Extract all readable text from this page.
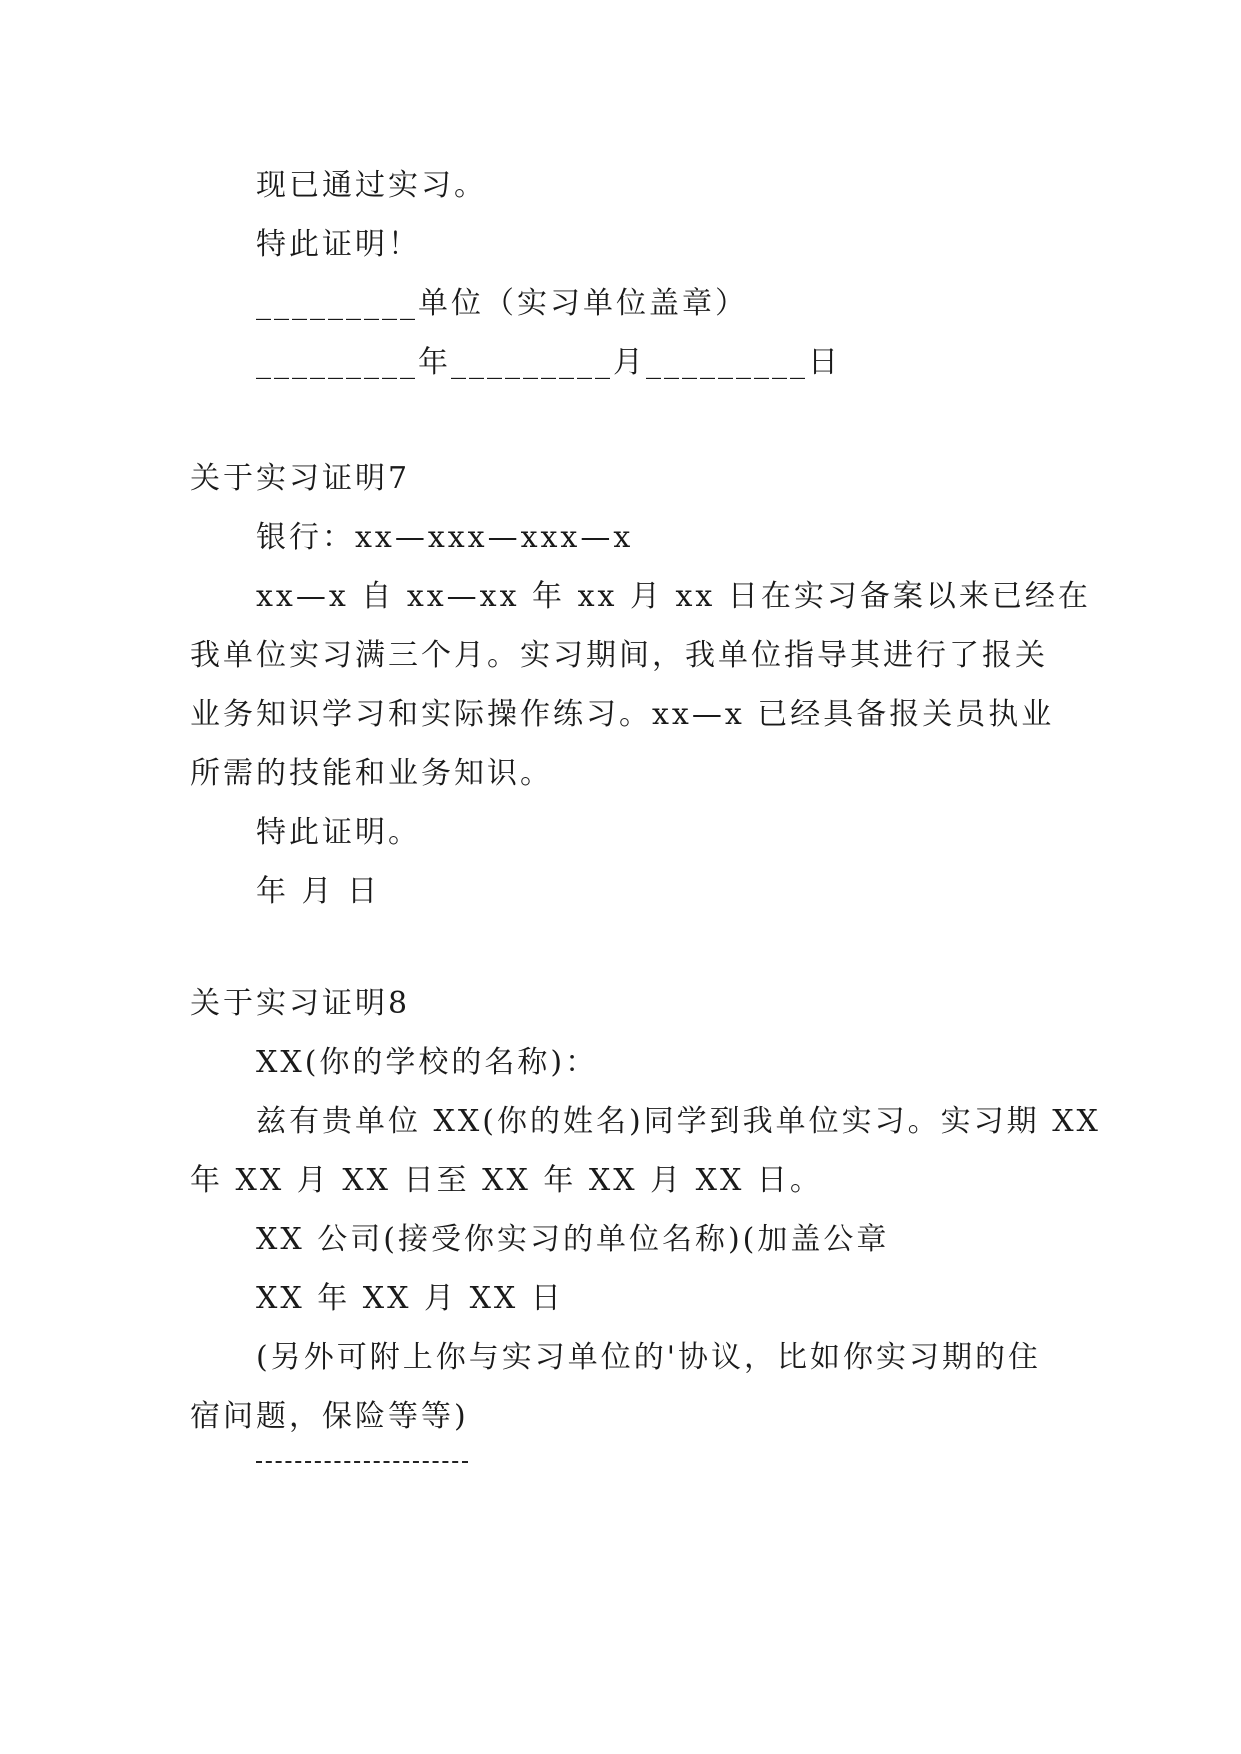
现已通过实习。
特此证明！
_________单位（实习单位盖章）
_________年_________月_________日
关于实习证明7
银行：xx—xxx—xxx—x
xx—x 自 xx—xx 年 xx 月 xx 日在实习备案以来已经在
我单位实习满三个月。实习期间，我单位指导其进行了报关
业务知识学习和实际操作练习。xx—x 已经具备报关员执业
所需的技能和业务知识。
特此证明。
年 月 日
关于实习证明8
XX(你的学校的名称)：
兹有贵单位 XX(你的姓名)同学到我单位实习。实习期 XX
年 XX 月 XX 日至 XX 年 XX 月 XX 日。
XX 公司(接受你实习的单位名称)(加盖公章
XX 年 XX 月 XX 日
(另外可附上你与实习单位的'协议，比如你实习期的住
宿问题，保险等等)
